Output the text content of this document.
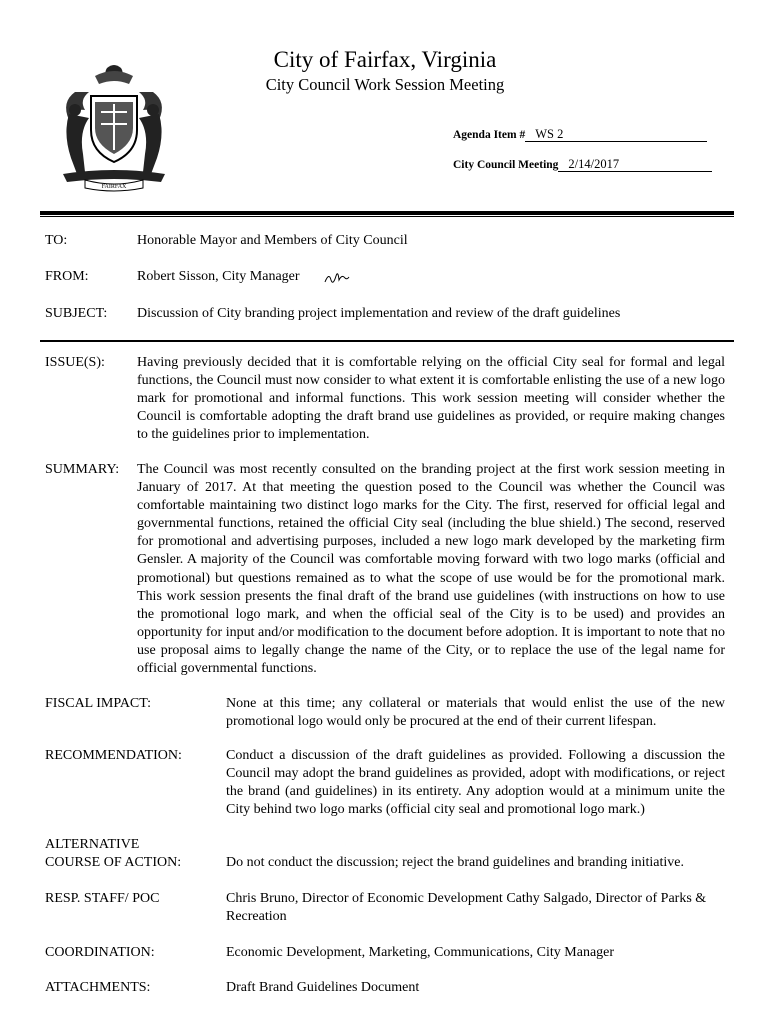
City of Fairfax, Virginia
City Council Work Session Meeting
FAIRFAX
Agenda Item # WS 2
City Council Meeting 2/14/2017
TO:	Honorable Mayor and Members of City Council
FROM:	Robert Sisson, City Manager
SUBJECT: Discussion of City branding project implementation and review of the draft guidelines
ISSUE(S): Having previously decided that it is comfortable relying on the official City seal for formal and legal functions, the Council must now consider to what extent it is comfortable enlisting the use of a new logo mark for promotional and informal functions. This work session meeting will consider whether the Council is comfortable adopting the draft brand use guidelines as provided, or require making changes to the guidelines prior to implementation.
SUMMARY: The Council was most recently consulted on the branding project at the first work session meeting in January of 2017. At that meeting the question posed to the Council was whether the Council was comfortable maintaining two distinct logo marks for the City. The first, reserved for official legal and governmental functions, retained the official City seal (including the blue shield.) The second, reserved for promotional and advertising purposes, included a new logo mark developed by the marketing firm Gensler. A majority of the Council was comfortable moving forward with two logo marks (official and promotional) but questions remained as to what the scope of use would be for the promotional mark. This work session presents the final draft of the brand use guidelines (with instructions on how to use the promotional logo mark, and when the official seal of the City is to be used) and provides an opportunity for input and/or modification to the document before adoption. It is important to note that no use proposal aims to legally change the name of the City, or to replace the use of the legal name for official governmental functions.
FISCAL IMPACT:	None at this time; any collateral or materials that would enlist the use of the new promotional logo would only be procured at the end of their current lifespan.
RECOMMENDATION:	Conduct a discussion of the draft guidelines as provided. Following a discussion the Council may adopt the brand guidelines as provided, adopt with modifications, or reject the brand (and guidelines) in its entirety. Any adoption would at a minimum unite the City behind two logo marks (official city seal and promotional logo mark.)
ALTERNATIVE
COURSE OF ACTION:	Do not conduct the discussion; reject the brand guidelines and branding initiative.
RESP. STAFF/ POC	Chris Bruno, Director of Economic Development Cathy Salgado, Director of Parks & Recreation
COORDINATION:	Economic Development, Marketing, Communications, City Manager
ATTACHMENTS:	Draft Brand Guidelines Document
